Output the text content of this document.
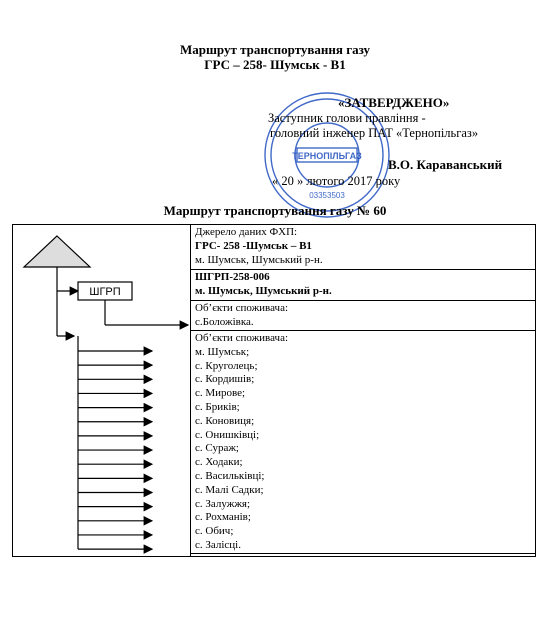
Маршрут транспортування газу
ГРС – 258- Шумськ - В1
ТЕРНОПІЛЬГАЗ
03353503
«ЗАТВЕРДЖЕНО»
Заступник голови правління -
головний інженер ПАТ «Тернопільгаз»
В.О. Караванський
« 20 » лютого 2017 року
Маршрут транспортування газу № 60

Джерело даних ФХП:
ГРС- 258 -Шумськ – В1
м. Шумськ, Шумський р-н.

ШГРП-258-006
м. Шумськ, Шумський р-н.

Об’єкти споживача:
с.Боложівка.

Об’єкти споживача:
м. Шумськ;
с. Круголець;
с. Кордишів;
с. Мирове;
с. Бриків;
с. Коновиця;
с. Онишківці;
с. Сураж;
с. Ходаки;
с. Васильківці;
с. Малі Садки;
с. Залужжя;
с. Рохманів;
с. Обич;
с. Залісці.

ШГРП
